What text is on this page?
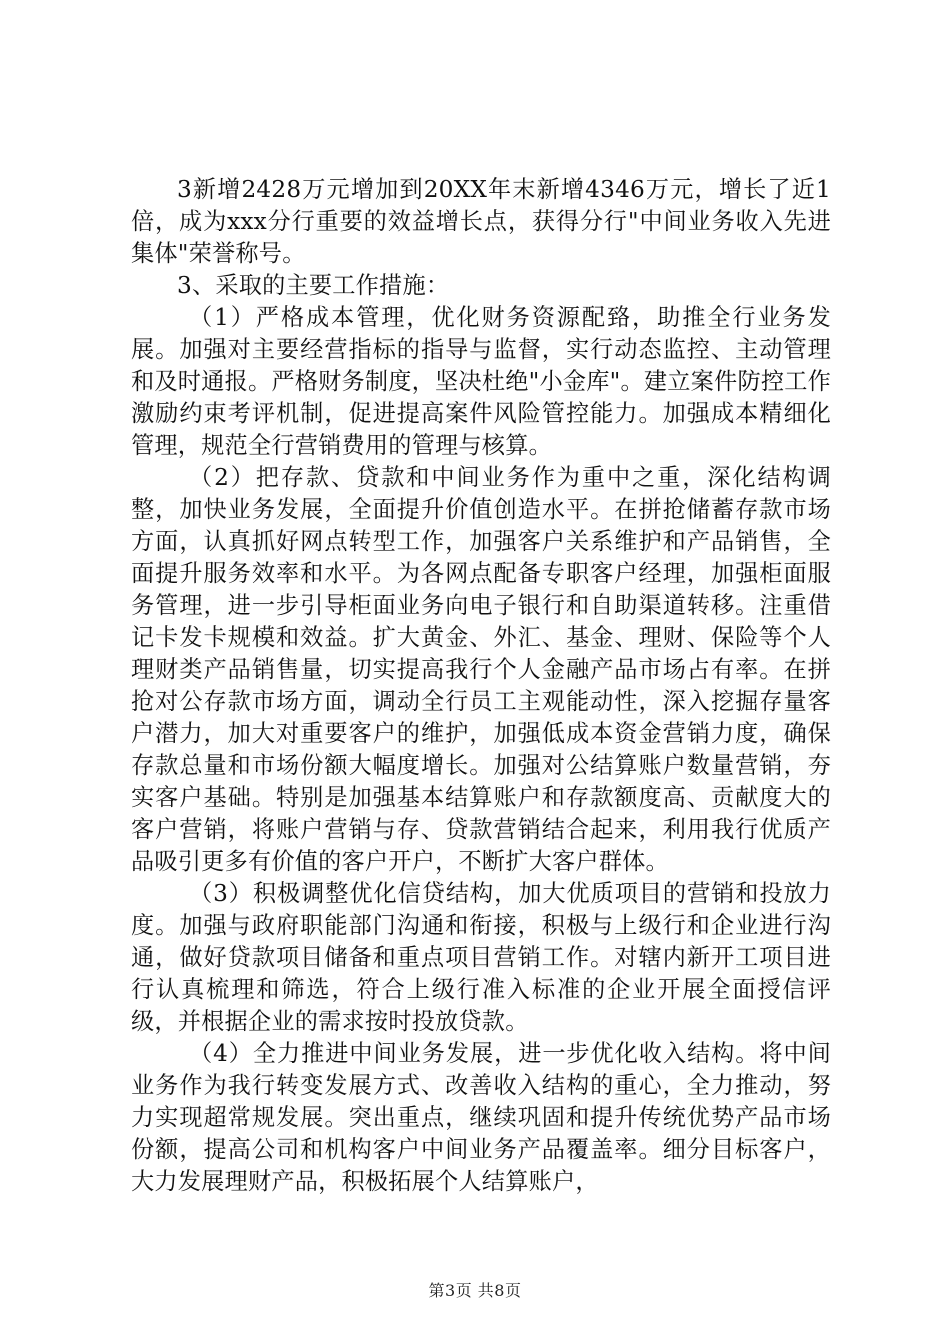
3新增2428万元增加到20XX年末新增4346万元，增长了近1倍，成为xxx分行重要的效益增长点，获得分行"中间业务收入先进集体"荣誉称号。

3、采取的主要工作措施：

（1）严格成本管理，优化财务资源配臵，助推全行业务发展。加强对主要经营指标的指导与监督，实行动态监控、主动管理和及时通报。严格财务制度，坚决杜绝"小金库"。建立案件防控工作激励约束考评机制，促进提高案件风险管控能力。加强成本精细化管理，规范全行营销费用的管理与核算。

（2）把存款、贷款和中间业务作为重中之重，深化结构调整，加快业务发展，全面提升价值创造水平。在拼抢储蓄存款市场方面，认真抓好网点转型工作，加强客户关系维护和产品销售，全面提升服务效率和水平。为各网点配备专职客户经理，加强柜面服务管理，进一步引导柜面业务向电子银行和自助渠道转移。注重借记卡发卡规模和效益。扩大黄金、外汇、基金、理财、保险等个人理财类产品销售量，切实提高我行个人金融产品市场占有率。在拼抢对公存款市场方面，调动全行员工主观能动性，深入挖掘存量客户潜力，加大对重要客户的维护，加强低成本资金营销力度，确保存款总量和市场份额大幅度增长。加强对公结算账户数量营销，夯实客户基础。特别是加强基本结算账户和存款额度高、贡献度大的客户营销，将账户营销与存、贷款营销结合起来，利用我行优质产品吸引更多有价值的客户开户，不断扩大客户群体。

（3）积极调整优化信贷结构，加大优质项目的营销和投放力度。加强与政府职能部门沟通和衔接，积极与上级行和企业进行沟通，做好贷款项目储备和重点项目营销工作。对辖内新开工项目进行认真梳理和筛选，符合上级行准入标准的企业开展全面授信评级，并根据企业的需求按时投放贷款。

（4）全力推进中间业务发展，进一步优化收入结构。将中间业务作为我行转变发展方式、改善收入结构的重心，全力推动，努力实现超常规发展。突出重点，继续巩固和提升传统优势产品市场份额，提高公司和机构客户中间业务产品覆盖率。细分目标客户，大力发展理财产品，积极拓展个人结算账户，

第3页 共8页
